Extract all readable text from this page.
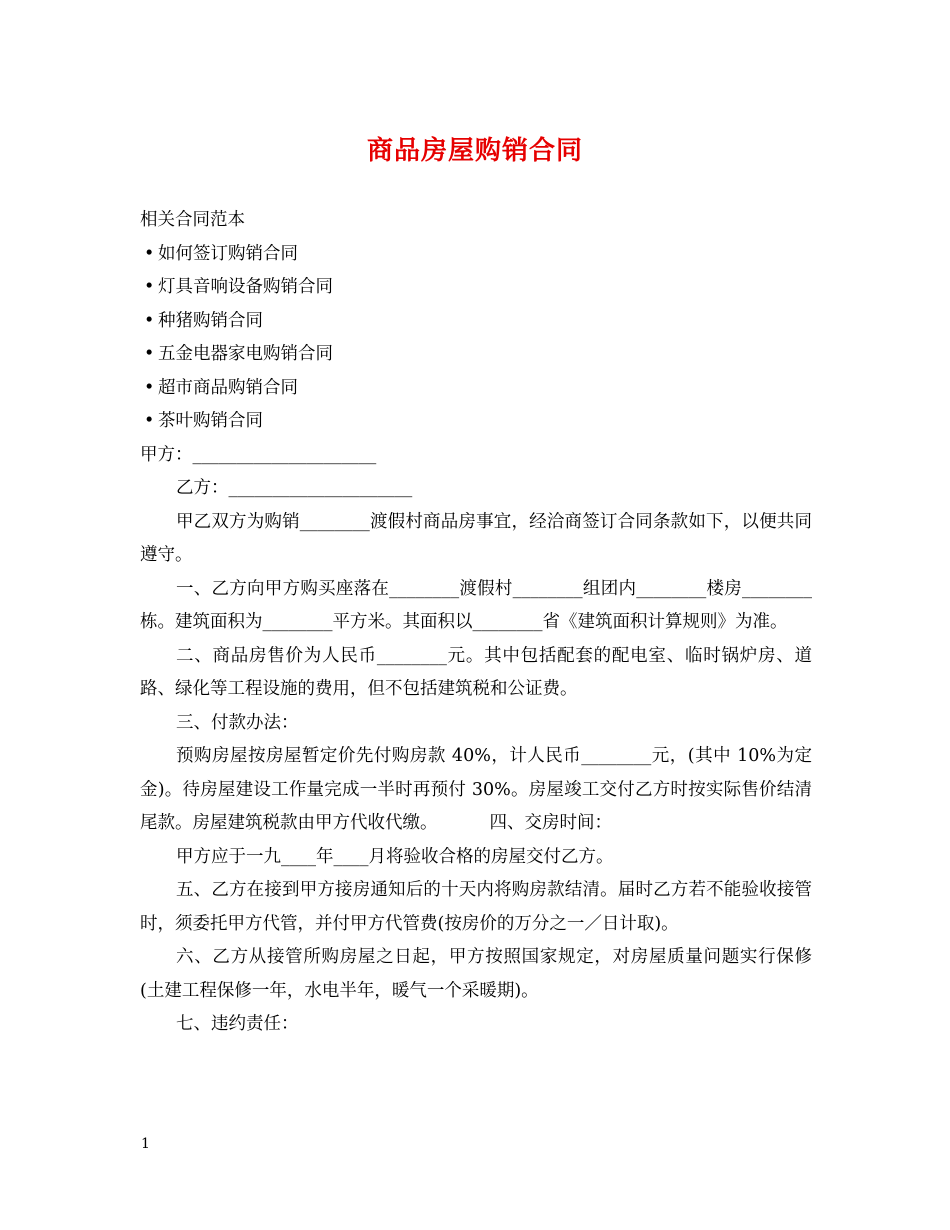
商品房屋购销合同

相关合同范本

• 如何签订购销合同
• 灯具音响设备购销合同
• 种猪购销合同
• 五金电器家电购销合同
• 超市商品购销合同
• 茶叶购销合同

甲方：_____________________

乙方：_____________________

甲乙双方为购销________渡假村商品房事宜，经洽商签订合同条款如下，以便共同遵守。

一、乙方向甲方购买座落在________渡假村________组团内________楼房________栋。建筑面积为________平方米。其面积以________省《建筑面积计算规则》为准。

二、商品房售价为人民币________元。其中包括配套的配电室、临时锅炉房、道路、绿化等工程设施的费用，但不包括建筑税和公证费。

三、付款办法：

预购房屋按房屋暂定价先付购房款 40%，计人民币________元，(其中 10%为定金)。待房屋建设工作量完成一半时再预付 30%。房屋竣工交付乙方时按实际售价结清尾款。房屋建筑税款由甲方代收代缴。	四、交房时间：

甲方应于一九____年____月将验收合格的房屋交付乙方。

五、乙方在接到甲方接房通知后的十天内将购房款结清。届时乙方若不能验收接管时，须委托甲方代管，并付甲方代管费(按房价的万分之一／日计取)。

六、乙方从接管所购房屋之日起，甲方按照国家规定，对房屋质量问题实行保修(土建工程保修一年，水电半年，暖气一个采暖期)。

七、违约责任：

1
